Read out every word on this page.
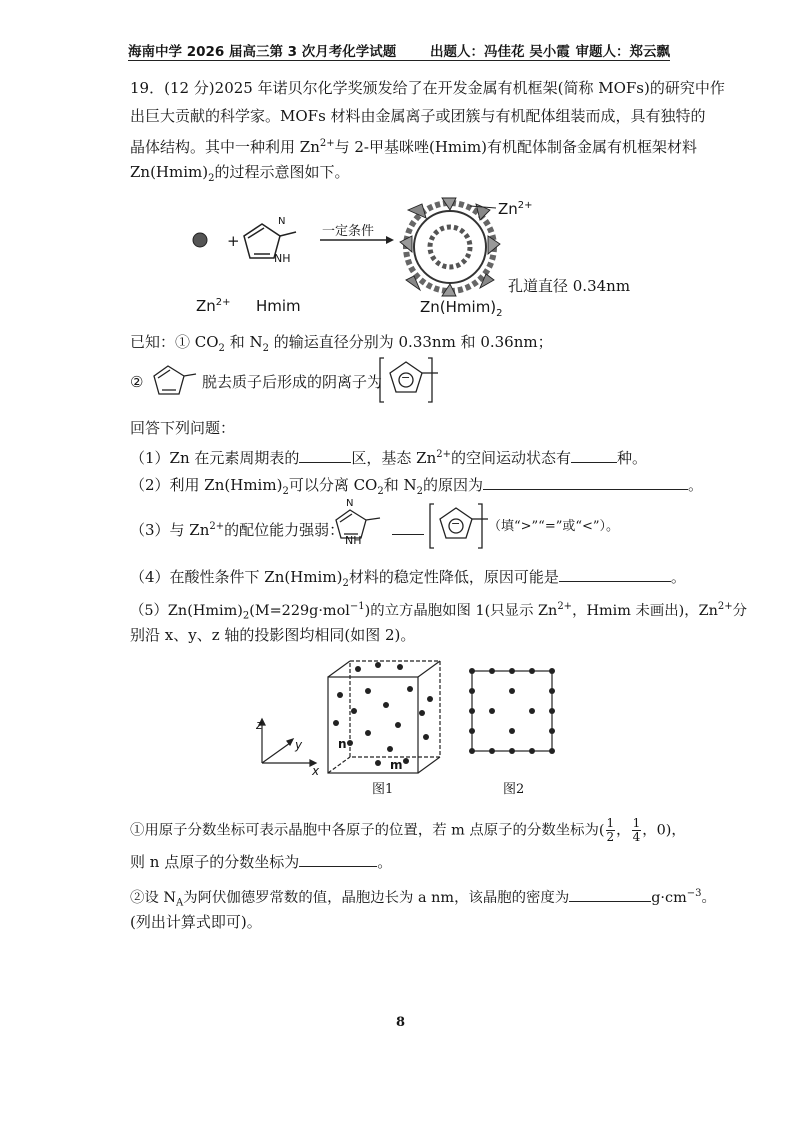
海南中学 2026 届高三第 3 次月考化学试题 出题人：冯佳花 吴小霞 审题人：郑云飘
19．(12 分)2025 年诺贝尔化学奖颁发给了在开发金属有机框架(简称 MOFs)的研究中作
出巨大贡献的科学家。MOFs 材料由金属离子或团簇与有机配体组装而成，具有独特的
晶体结构。其中一种利用 $Zn^{2+}$与 2-甲基咪唑(Hmim)有机配体制备金属有机框架材料
$Zn(Hmim)_2$的过程示意图如下。
$Zn^{2+}$
+
Hmim
N
NH
一定条件
$Zn^{2+}$
孔道直径 0.34nm
$Zn(Hmim)_2$
已知：① $CO_2$ 和 $N_2$ 的输运直径分别为 0.33nm 和 0.36nm；
②	脱去质子后形成的阴离子为 −
回答下列问题：
（1）Zn 在元素周期表的	区，基态 $Zn^{2+}$的空间运动状态有	种。
（2）利用 $Zn(Hmim)_2$可以分离 $CO_2$和 $N_2$的原因为	。
（3）与 $Zn^{2+}$的配位能力强弱：
N
NH
− （填“>”“=”或“<”）。
（4）在酸性条件下 $Zn(Hmim)_2$材料的稳定性降低，原因可能是	。
$(5)Zn(Hmim)_2(M=229g\cdot mol^{-1})$的立方晶胞如图 1(只显示 $Zn^{2+}$，Hmim 未画出)，$Zn^{2+}$分
别沿 x、y、z 轴的投影图均相同(如图 2)。
z
y
x
n
m
图1	图2
①用原子分数坐标可表示晶胞中各原子的位置，若 m 点原子的分数坐标为( $\frac{1}{2}$ ， $\frac{1}{4}$ ，0)，
则 n 点原子的分数坐标为	。
②设 $N_A$为阿伏伽德罗常数的值，晶胞边长为 a nm，该晶胞的密度为	$g\cdot cm^{-3}$。
(列出计算式即可)。
8
